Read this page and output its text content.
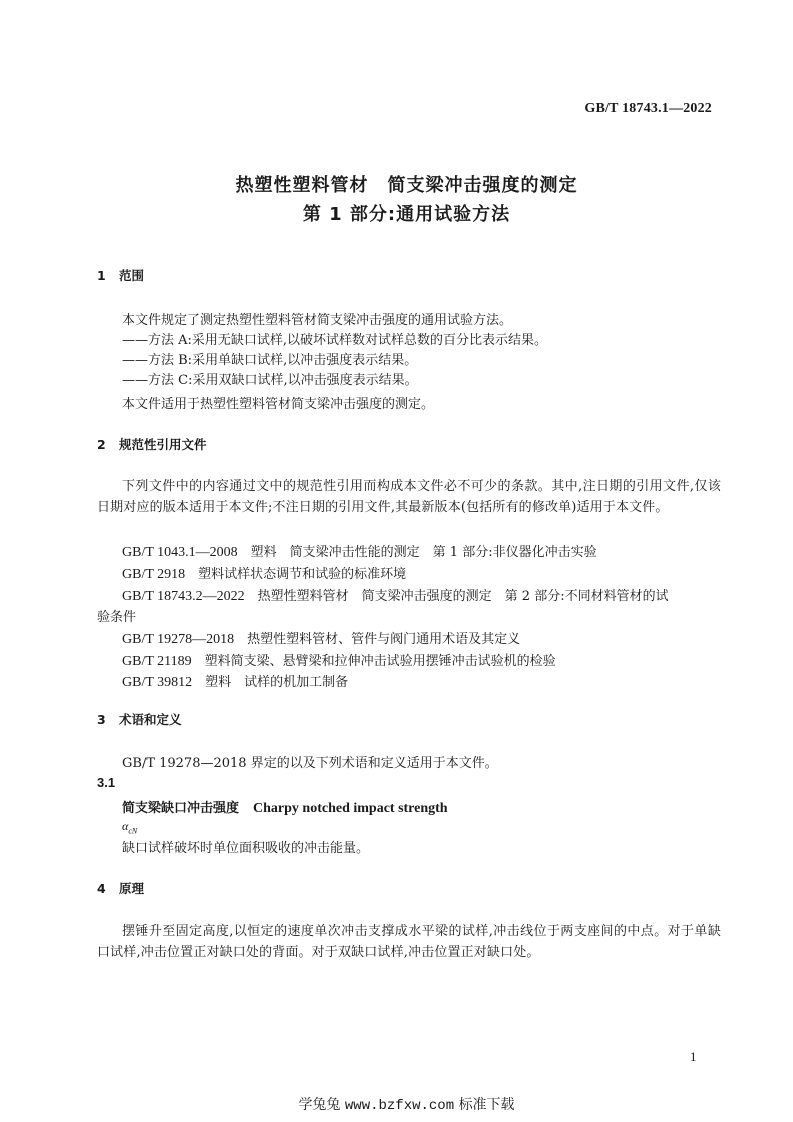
GB/T 18743.1—2022
热塑性塑料管材　简支梁冲击强度的测定
第 1 部分:通用试验方法
1 范围
本文件规定了测定热塑性塑料管材简支梁冲击强度的通用试验方法。
——方法 A:采用无缺口试样,以破坏试样数对试样总数的百分比表示结果。
——方法 B:采用单缺口试样,以冲击强度表示结果。
——方法 C:采用双缺口试样,以冲击强度表示结果。
本文件适用于热塑性塑料管材简支梁冲击强度的测定。
2 规范性引用文件
下列文件中的内容通过文中的规范性引用而构成本文件必不可少的条款。其中,注日期的引用文件,仅该日期对应的版本适用于本文件;不注日期的引用文件,其最新版本(包括所有的修改单)适用于本文件。
GB/T 1043.1—2008　 塑料　简支梁冲击性能的测定　第 1 部分:非仪器化冲击实验
GB/T 2918　 塑料试样状态调节和试验的标准环境
GB/T 18743.2—2022　 热塑性塑料管材　简支梁冲击强度的测定　第 2 部分:不同材料管材的试
验条件
GB/T 19278—2018　 热塑性塑料管材、管件与阀门通用术语及其定义
GB/T 21189　 塑料简支梁、悬臂梁和拉伸冲击试验用摆锤冲击试验机的检验
GB/T 39812　 塑料　试样的机加工制备
3 术语和定义
GB/T 19278—2018 界定的以及下列术语和定义适用于本文件。
3.1
简支梁缺口冲击强度 Charpy notched impact strength
$\alpha_{cN}$
缺口试样破坏时单位面积吸收的冲击能量。
4 原理
摆锤升至固定高度,以恒定的速度单次冲击支撑成水平梁的试样,冲击线位于两支座间的中点。对于单缺口试样,冲击位置正对缺口处的背面。对于双缺口试样,冲击位置正对缺口处。
1
学兔兔 www.bzfxw.com 标准下载
